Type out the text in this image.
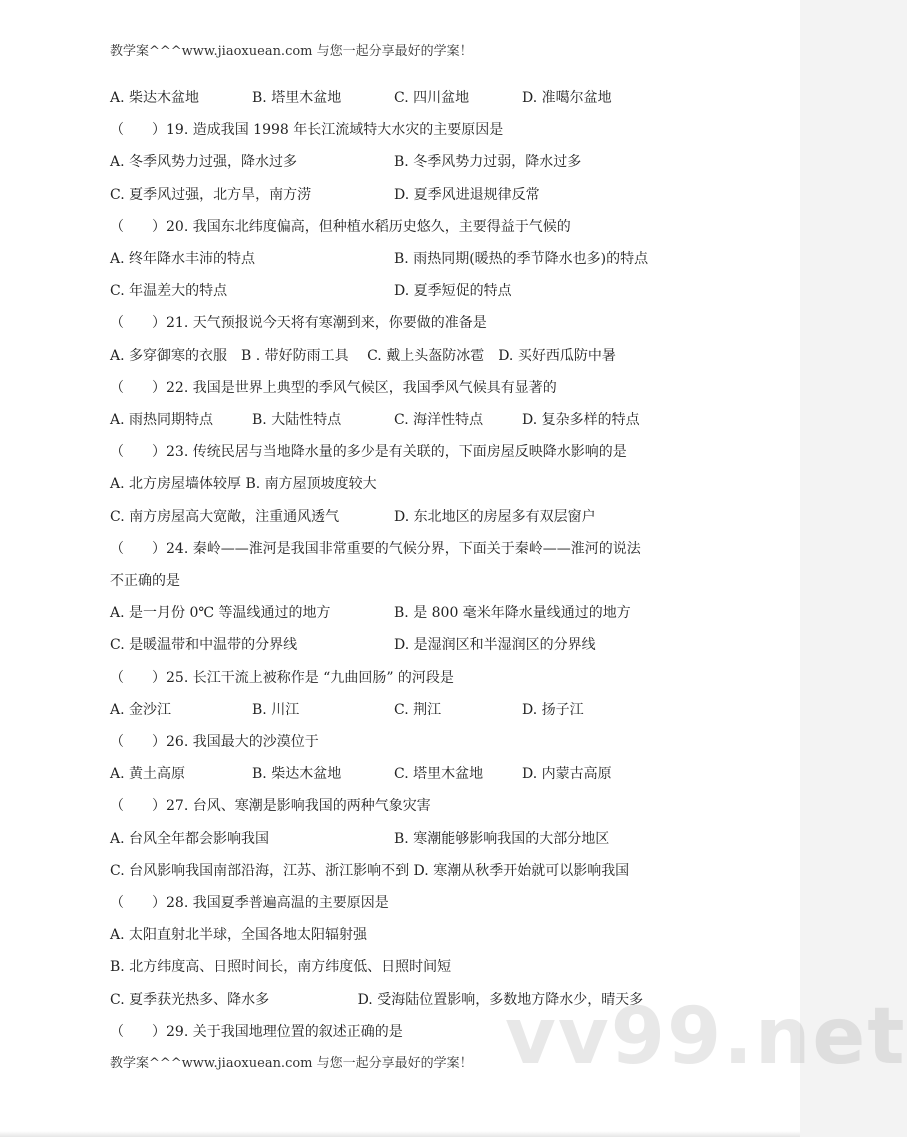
教学案^^^www.jiaoxuean.com 与您一起分享最好的学案！
A. 柴达木盆地	B. 塔里木盆地	C. 四川盆地	D. 准噶尔盆地
（　　）19. 造成我国 1998 年长江流域特大水灾的主要原因是
A. 冬季风势力过强，降水过多	B. 冬季风势力过弱，降水过多
C. 夏季风过强，北方旱，南方涝	D. 夏季风进退规律反常
（　　）20. 我国东北纬度偏高，但种植水稻历史悠久，主要得益于气候的
A. 终年降水丰沛的特点	B. 雨热同期(暖热的季节降水也多)的特点
C. 年温差大的特点	D. 夏季短促的特点
（　　）21. 天气预报说今天将有寒潮到来，你要做的准备是
A. 多穿御寒的衣服　B . 带好防雨工具　 C. 戴上头盔防冰雹　D. 买好西瓜防中暑
（　　）22. 我国是世界上典型的季风气候区，我国季风气候具有显著的
A. 雨热同期特点	B. 大陆性特点	C. 海洋性特点	D. 复杂多样的特点
（　　）23. 传统民居与当地降水量的多少是有关联的，下面房屋反映降水影响的是
A. 北方房屋墙体较厚 B. 南方屋顶坡度较大
C. 南方房屋高大宽敞，注重通风透气	D. 东北地区的房屋多有双层窗户
（　　）24. 秦岭——淮河是我国非常重要的气候分界，下面关于秦岭——淮河的说法
不正确的是
A. 是一月份 0℃ 等温线通过的地方	B. 是 800 毫米年降水量线通过的地方
C. 是暖温带和中温带的分界线	D. 是湿润区和半湿润区的分界线
（　　）25. 长江干流上被称作是 “九曲回肠” 的河段是
A. 金沙江	B. 川江	C. 荆江	D. 扬子江
（　　）26. 我国最大的沙漠位于
A. 黄土高原	B. 柴达木盆地	C. 塔里木盆地	D. 内蒙古高原
（　　）27. 台风、寒潮是影响我国的两种气象灾害
A. 台风全年都会影响我国	B. 寒潮能够影响我国的大部分地区
C. 台风影响我国南部沿海，江苏、浙江影响不到 D. 寒潮从秋季开始就可以影响我国
（　　）28. 我国夏季普遍高温的主要原因是
A. 太阳直射北半球，全国各地太阳辐射强
B. 北方纬度高、日照时间长，南方纬度低、日照时间短
C. 夏季获光热多、降水多　　　　　　 D. 受海陆位置影响，多数地方降水少，晴天多
（　　）29. 关于我国地理位置的叙述正确的是 vv99.net
教学案^^^www.jiaoxuean.com 与您一起分享最好的学案！
